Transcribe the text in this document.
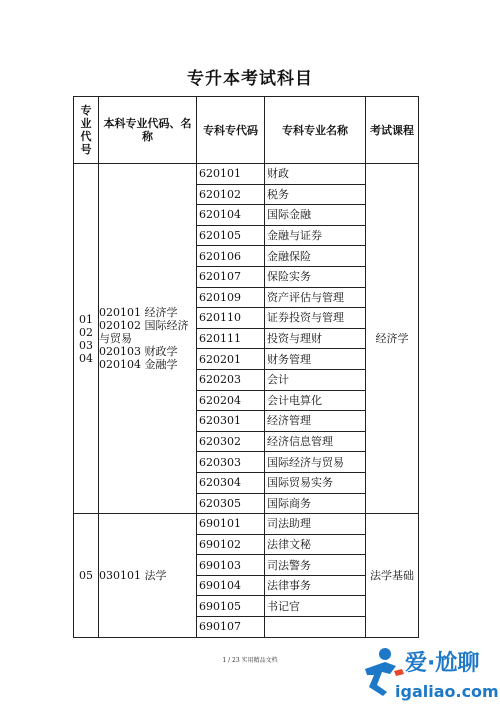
专升本考试科目
专
业
代
号	本科专业代码、名称	专科专代码	专科专业名称	考试课程

01
02
03
04	020101 经济学
020102 国际经济
与贸易
020103 财政学
020104 金融学	620101	财政	经济学
		620102	税务	
		620104	国际金融	
		620105	金融与证券	
		620106	金融保险	
		620107	保险实务	
		620109	资产评估与管理	
		620110	证券投资与管理	
		620111	投资与理财	
		620201	财务管理	
		620203	会计	
		620204	会计电算化	
		620301	经济管理	
		620302	经济信息管理	
		620303	国际经济与贸易	
		620304	国际贸易实务	
		620305	国际商务	

05	030101 法学	690101	司法助理	法学基础
		690102	法律文秘	
		690103	司法警务	
		690104	法律事务	
		690105	书记官	
		690107		
1 / 23 实用精品文档	爱·尬聊
igaliao.com
